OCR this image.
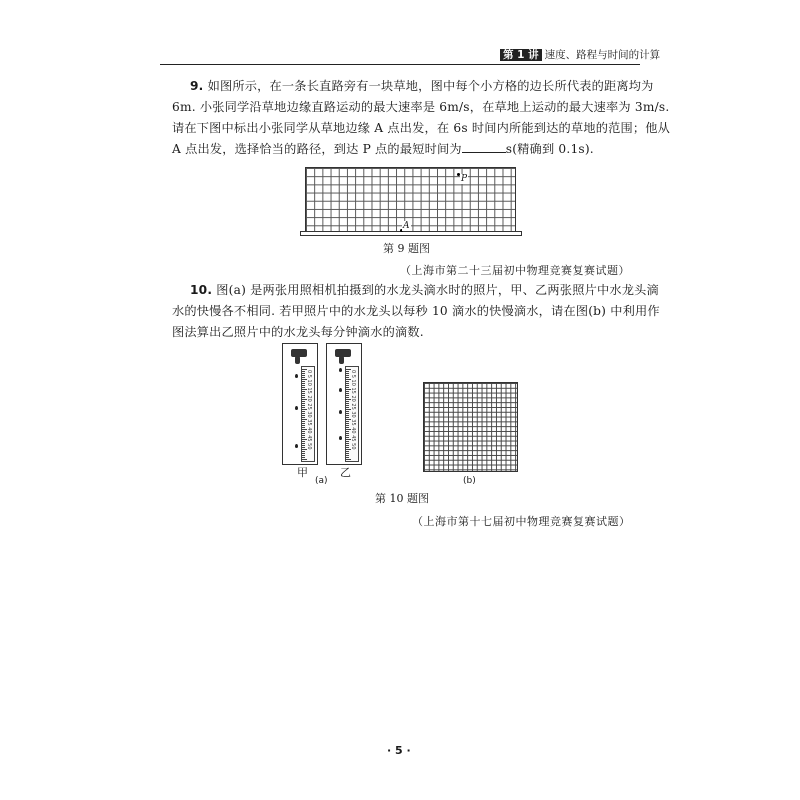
第 1 讲 速度、路程与时间的计算
9. 如图所示，在一条长直路旁有一块草地，图中每个小方格的边长所代表的距离均为
6m. 小张同学沿草地边缘直路运动的最大速率是 6m/s，在草地上运动的最大速率为 3m/s.
请在下图中标出小张同学从草地边缘 A 点出发，在 6s 时间内所能到达的草地的范围；他从
A 点出发，选择恰当的路径，到达 P 点的最短时间为	s(精确到 0.1s).
P
A
第 9 题图
（上海市第二十三届初中物理竞赛复赛试题）
10. 图(a) 是两张用照相机拍摄到的水龙头滴水时的照片，甲、乙两张照片中水龙头滴
水的快慢各不相同. 若甲照片中的水龙头以每秒 10 滴水的快慢滴水，请在图(b) 中利用作
图法算出乙照片中的水龙头每分钟滴水的滴数.
0 5 10 15 20 25 30 35 40 45 50
甲
0 5 10 15 20 25 30 35 40 45 50
乙
(a)	(b)
第 10 题图
（上海市第十七届初中物理竞赛复赛试题）
· 5 ·
